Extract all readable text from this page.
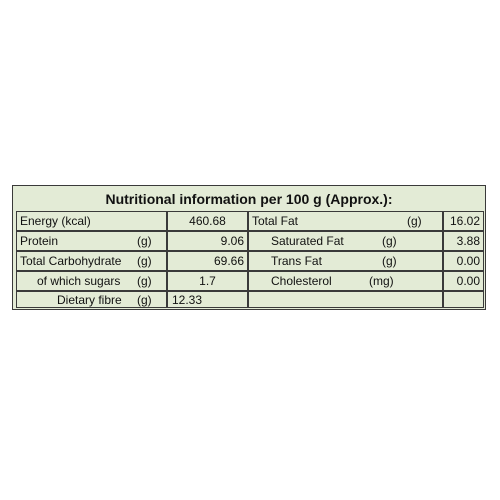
Nutritional information per 100 g (Approx.):
Energy (kcal)	460.68	Total Fat	(g) 16.02
Protein	(g)	9.06 Saturated Fat	(g)	3.88
Total Carbohydrate (g)	69.66 Trans Fat	(g)	0.00
of which sugars (g)	1.7	Cholesterol	(mg)	0.00
Dietary fibre (g) 12.33
